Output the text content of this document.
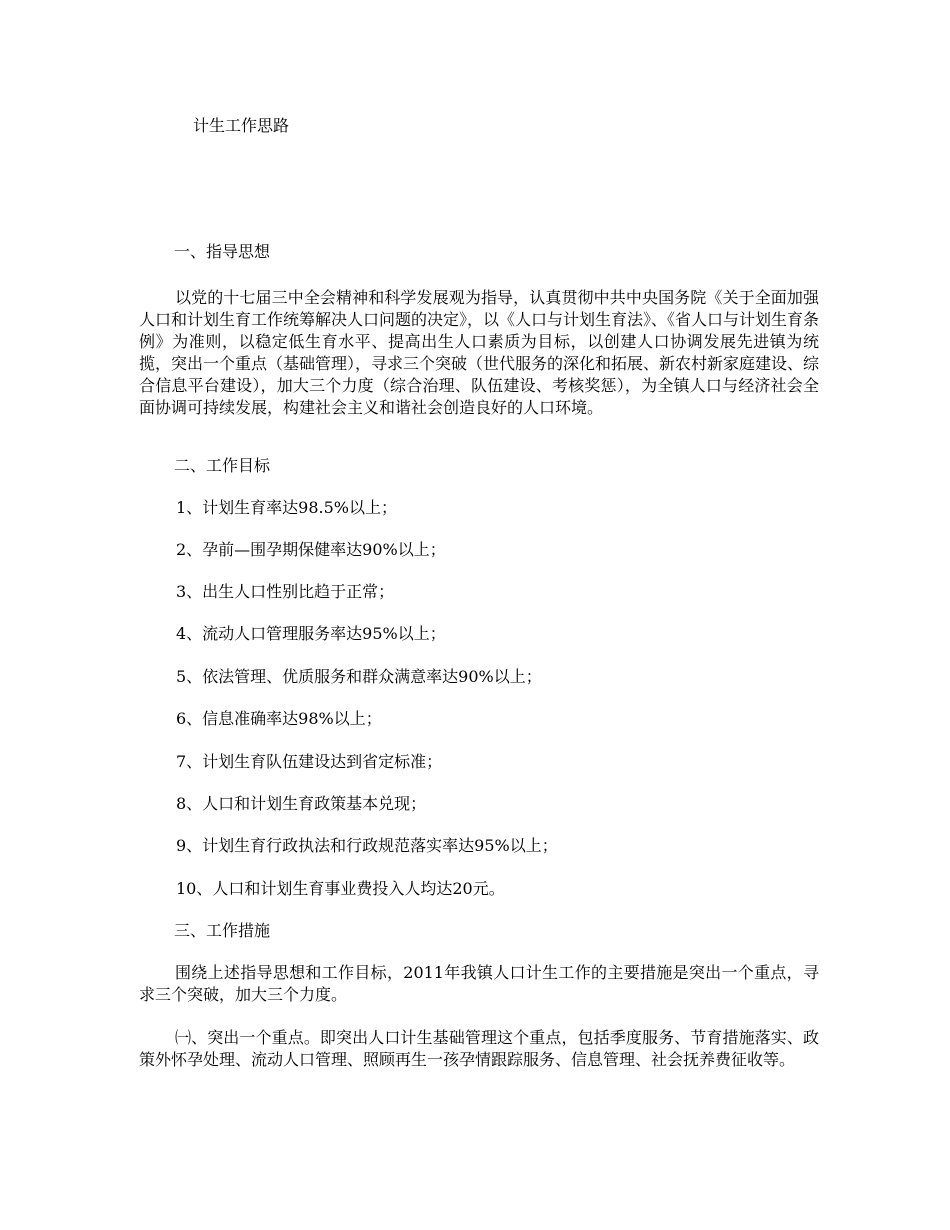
计生工作思路
一、指导思想

以党的十七届三中全会精神和科学发展观为指导，认真贯彻中共中央国务院《关于全面加强人口和计划生育工作统筹解决人口问题的决定》，以《人口与计划生育法》、《省人口与计划生育条例》为准则，以稳定低生育水平、提高出生人口素质为目标，以创建人口协调发展先进镇为统揽，突出一个重点（基础管理），寻求三个突破（世代服务的深化和拓展、新农村新家庭建设、综合信息平台建设），加大三个力度（综合治理、队伍建设、考核奖惩），为全镇人口与经济社会全面协调可持续发展，构建社会主义和谐社会创造良好的人口环境。

二、工作目标

1、计划生育率达98.5%以上；

2、孕前—围孕期保健率达90%以上；

3、出生人口性别比趋于正常；

4、流动人口管理服务率达95%以上；

5、依法管理、优质服务和群众满意率达90%以上；

6、信息准确率达98%以上；

7、计划生育队伍建设达到省定标准；

8、人口和计划生育政策基本兑现；

9、计划生育行政执法和行政规范落实率达95%以上；

10、人口和计划生育事业费投入人均达20元。

三、工作措施

围绕上述指导思想和工作目标，2011年我镇人口计生工作的主要措施是突出一个重点，寻求三个突破，加大三个力度。

㈠、突出一个重点。即突出人口计生基础管理这个重点，包括季度服务、节育措施落实、政策外怀孕处理、流动人口管理、照顾再生一孩孕情跟踪服务、信息管理、社会抚养费征收等。
